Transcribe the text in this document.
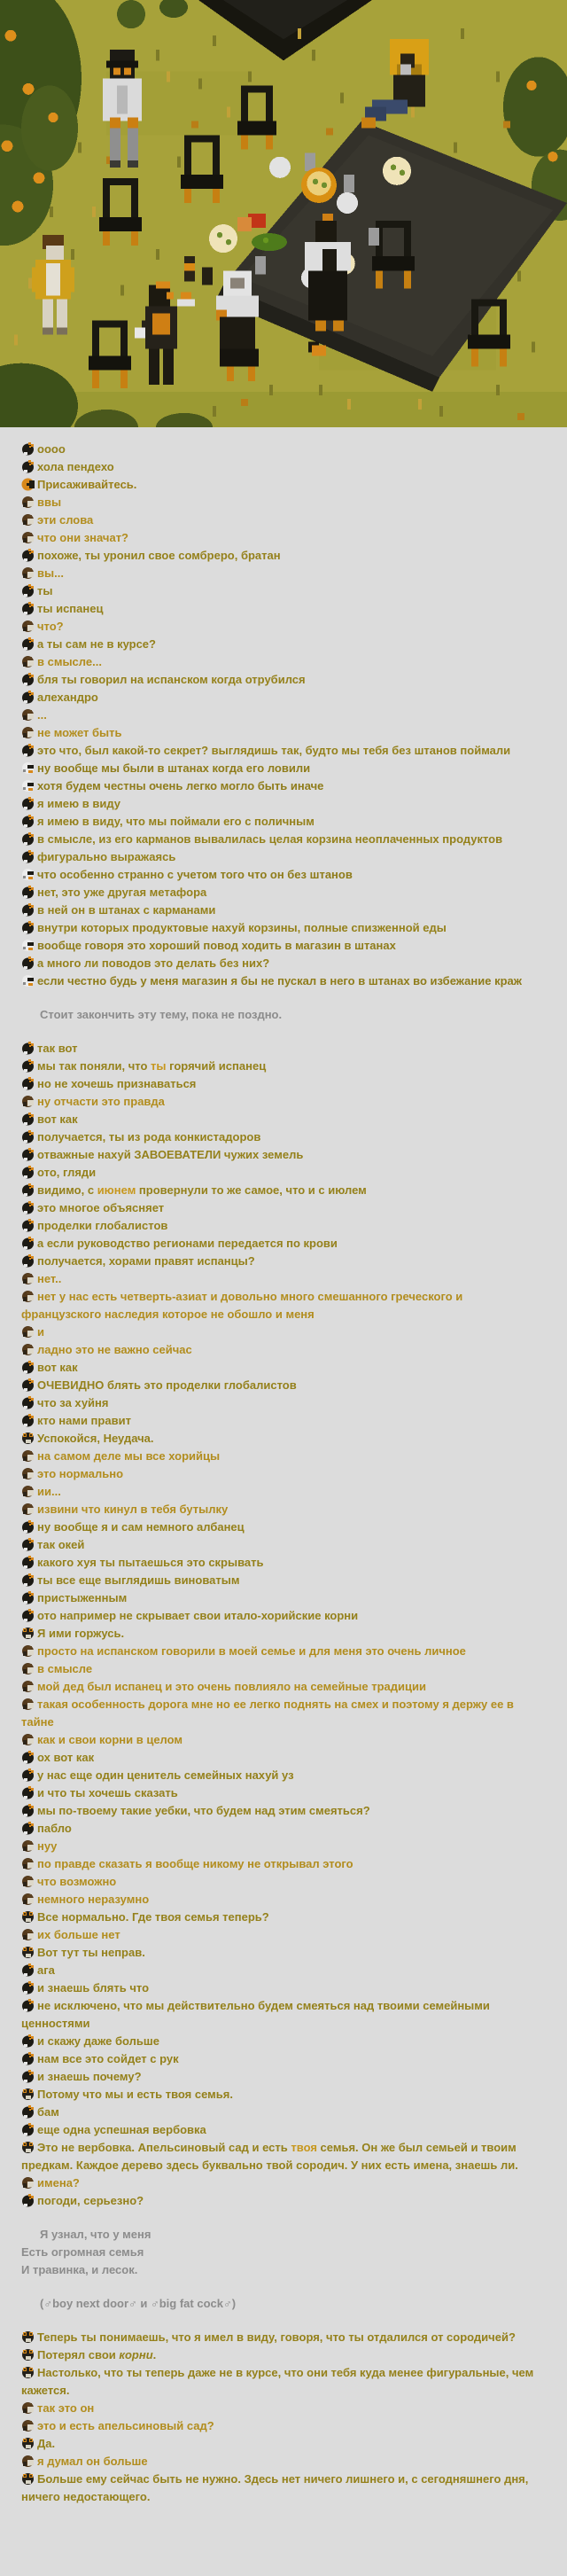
оооо
хола пендехо
Присаживайтесь.
ввы
эти слова
что они значат?
похоже, ты уронил свое сомбреро, братан
вы...
ты
ты испанец
что?
а ты сам не в курсе?
в смысле...
бля ты говорил на испанском когда отрубился
алехандро
...
не может быть
это что, был какой-то секрет? выглядишь так, будто мы тебя без штанов поймали
ну вообще мы были в штанах когда его ловили
хотя будем честны очень легко могло быть иначе
я имею в виду
я имею в виду, что мы поймали его с поличным
в смысле, из его карманов вывалилась целая корзина неоплаченных продуктов
фигурально выражаясь
что особенно странно с учетом того что он без штанов
нет, это уже другая метафора
в ней он в штанах с карманами
внутри которых продуктовые нахуй корзины, полные спизженной еды
вообще говоря это хороший повод ходить в магазин в штанах
а много ли поводов это делать без них?
если честно будь у меня магазин я бы не пускал в него в штанах во избежание краж
Стоит закончить эту тему, пока не поздно.
так вот
мы так поняли, что ты горячий испанец
но не хочешь признаваться
ну отчасти это правда
вот как
получается, ты из рода конкистадоров
отважные нахуй ЗАВОЕВАТЕЛИ чужих земель
ото, гляди
видимо, с июнем провернули то же самое, что и с июлем
это многое объясняет
проделки глобалистов
а если руководство регионами передается по крови
получается, хорами правят испанцы?
нет..
нет у нас есть четверть-азиат и довольно много смешанного греческого и французского наследия которое не обошло и меня
и
ладно это не важно сейчас
вот как
ОЧЕВИДНО блять это проделки глобалистов
что за хуйня
кто нами правит
Успокойся, Неудача.
на самом деле мы все хорийцы
это нормально
ии...
извини что кинул в тебя бутылку
ну вообще я и сам немного албанец
так окей
какого хуя ты пытаешься это скрывать
ты все еще выглядишь виноватым
пристыженным
ото например не скрывает свои итало-хорийские корни
Я ими горжусь.
просто на испанском говорили в моей семье и для меня это очень личное
в смысле
мой дед был испанец и это очень повлияло на семейные традиции
такая особенность дорога мне но ее легко поднять на смех и поэтому я держу ее в тайне
как и свои корни в целом
ох вот как
у нас еще один ценитель семейных нахуй уз
и что ты хочешь сказать
мы по-твоему такие уебки, что будем над этим смеяться?
пабло
нуу
по правде сказать я вообще никому не открывал этого
что возможно
немного неразумно
Все нормально. Где твоя семья теперь?
их больше нет
Вот тут ты неправ.
ага
и знаешь блять что
не исключено, что мы действительно будем смеяться над твоими семейными ценностями
и скажу даже больше
нам все это сойдет с рук
и знаешь почему?
Потому что мы и есть твоя семья.
бам
еще одна успешная вербовка
Это не вербовка. Апельсиновый сад и есть твоя семья. Он же был семьей и твоим предкам. Каждое дерево здесь буквально твой сородич. У них есть имена, знаешь ли.
имена?
погоди, серьезно?
Я узнал, что у меня
Есть огромная семья
И травинка, и лесок.
(♂boy next door♂ и ♂big fat cock♂)
Теперь ты понимаешь, что я имел в виду, говоря, что ты отдалился от сородичей?
Потерял свои корни.
Настолько, что ты теперь даже не в курсе, что они тебя куда менее фигуральные, чем кажется.
так это он
это и есть апельсиновый сад?
Да.
я думал он больше
Больше ему сейчас быть не нужно. Здесь нет ничего лишнего и, с сегодняшнего дня, ничего недостающего.
